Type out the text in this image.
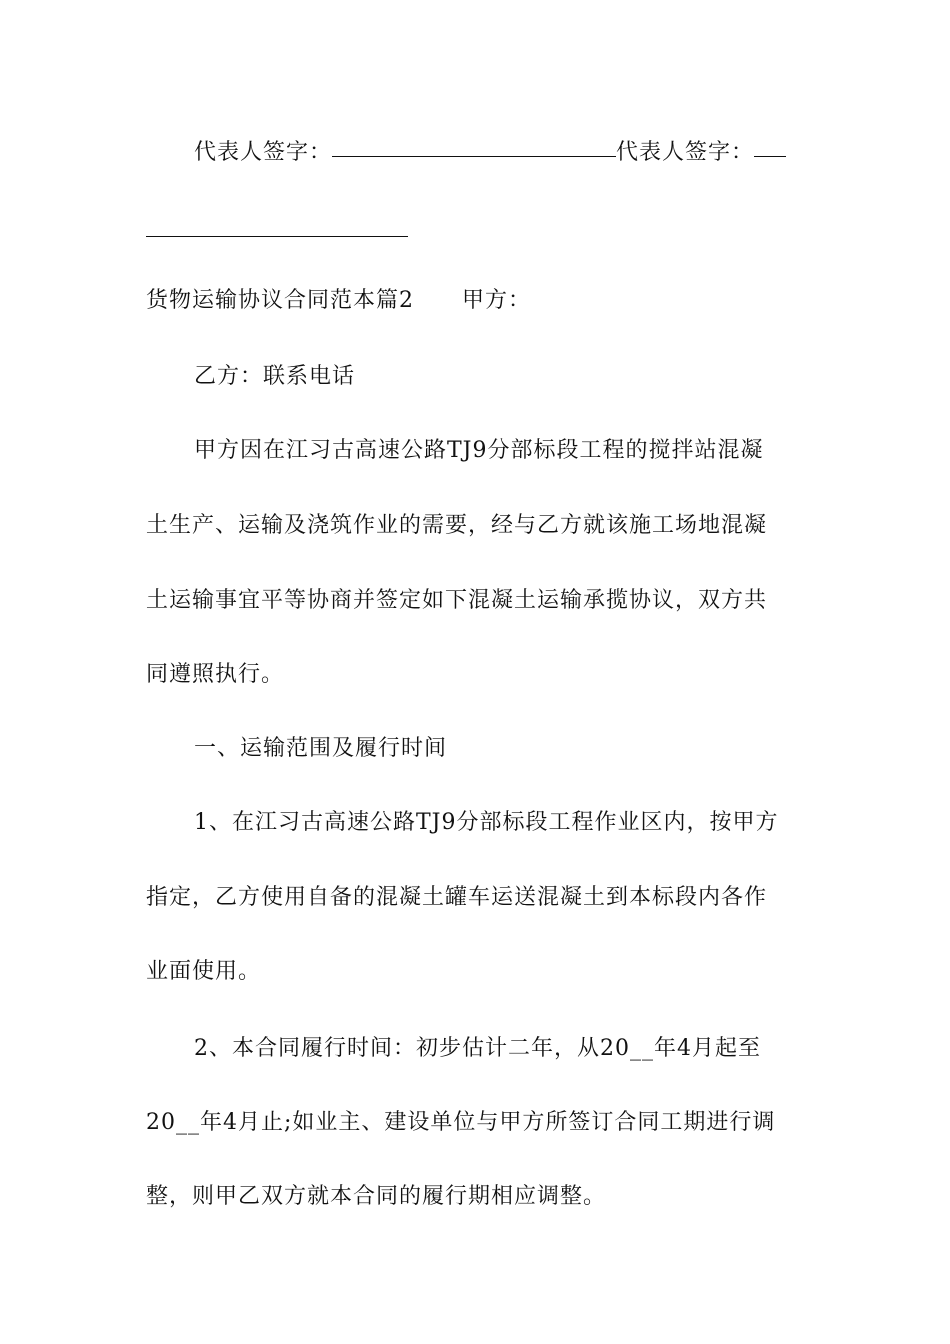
代表人签字：	代表人签字：
货物运输协议合同范本篇2 甲方：
乙方：联系电话
甲方因在江习古高速公路TJ9分部标段工程的搅拌站混凝
土生产、运输及浇筑作业的需要，经与乙方就该施工场地混凝
土运输事宜平等协商并签定如下混凝土运输承揽协议，双方共
同遵照执行。
一、运输范围及履行时间
1、在江习古高速公路TJ9分部标段工程作业区内，按甲方
指定，乙方使用自备的混凝土罐车运送混凝土到本标段内各作
业面使用。
2、本合同履行时间：初步估计二年，从20__年4月起至
20__年4月止;如业主、建设单位与甲方所签订合同工期进行调
整，则甲乙双方就本合同的履行期相应调整。
